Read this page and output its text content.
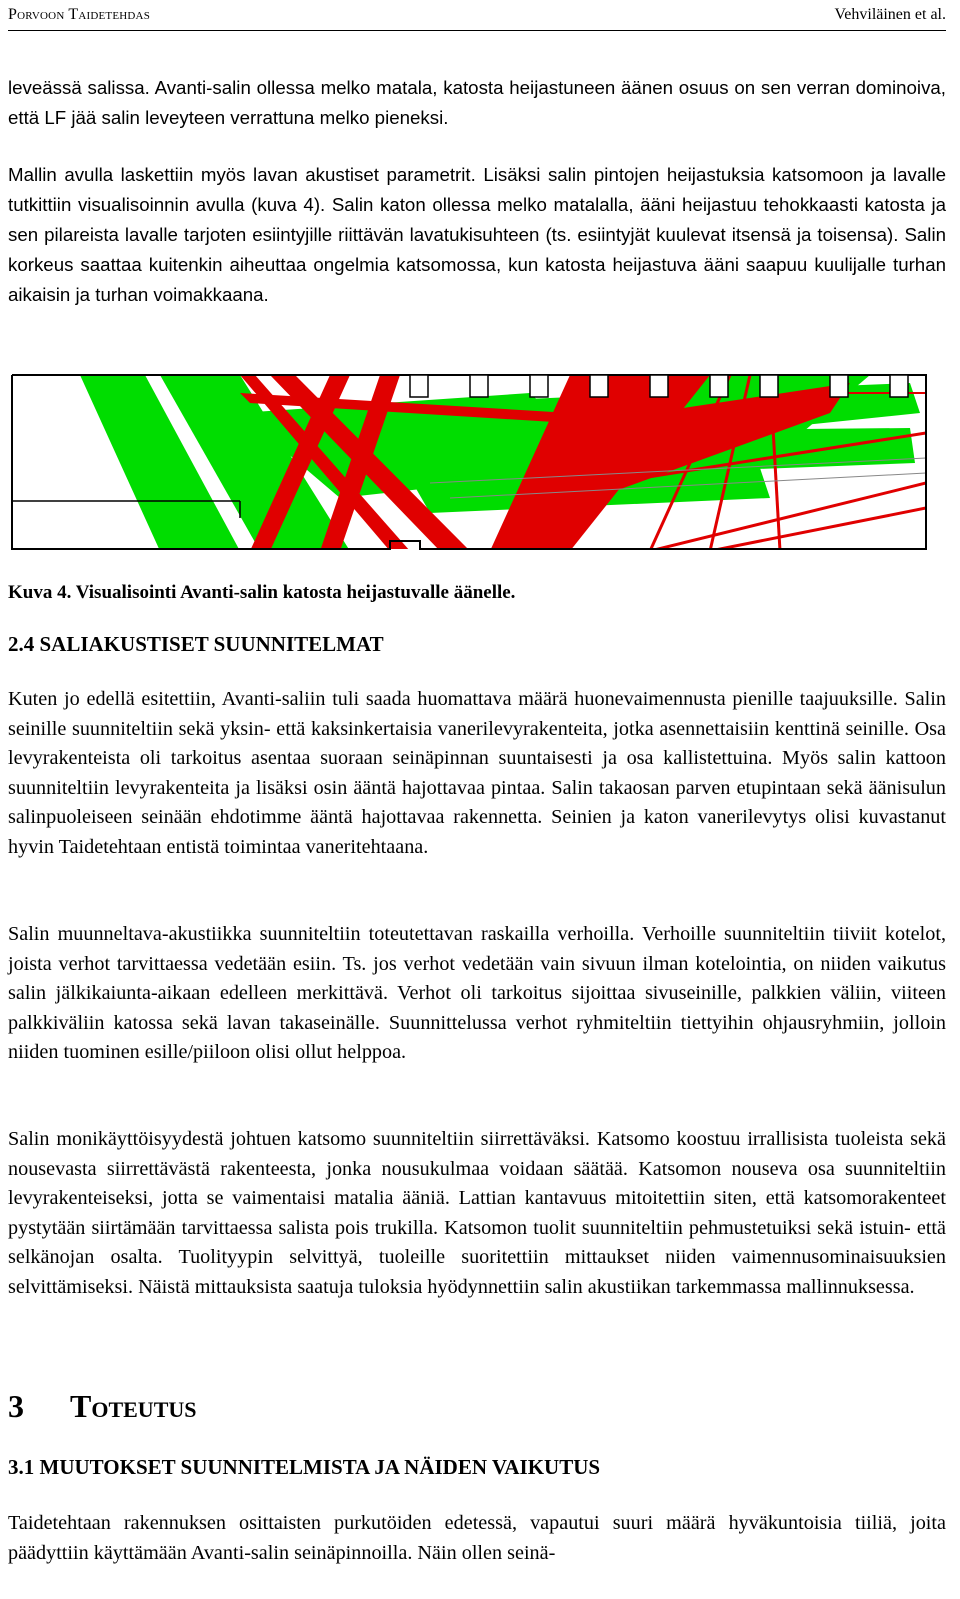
Porvoon Taidetehdas	Vehviläinen et al.

leveässä salissa. Avanti-salin ollessa melko matala, katosta heijastuneen äänen osuus on sen verran dominoiva, että LF jää salin leveyteen verrattuna melko pieneksi.

Mallin avulla laskettiin myös lavan akustiset parametrit. Lisäksi salin pintojen heijastuksia katsomoon ja lavalle tutkittiin visualisoinnin avulla (kuva 4). Salin katon ollessa melko matalalla, ääni heijastuu tehokkaasti katosta ja sen pilareista lavalle tarjoten esiintyjille riittävän lavatukisuhteen (ts. esiintyjät kuulevat itsensä ja toisensa). Salin korkeus saattaa kuitenkin aiheuttaa ongelmia katsomossa, kun katosta heijastuva ääni saapuu kuulijalle turhan aikaisin ja turhan voimakkaana.

Kuva 4. Visualisointi Avanti-salin katosta heijastuvalle äänelle.

2.4 SALIAKUSTISET SUUNNITELMAT

Kuten jo edellä esitettiin, Avanti-saliin tuli saada huomattava määrä huonevaimennusta pienille taajuuksille. Salin seinille suunniteltiin sekä yksin- että kaksinkertaisia vanerilevyrakenteita, jotka asennettaisiin kenttinä seinille. Osa levyrakenteista oli tarkoitus asentaa suoraan seinäpinnan suuntaisesti ja osa kallistettuina. Myös salin kattoon suunniteltiin levyrakenteita ja lisäksi osin ääntä hajottavaa pintaa. Salin takaosan parven etupintaan sekä äänisulun salinpuoleiseen seinään ehdotimme ääntä hajottavaa rakennetta. Seinien ja katon vanerilevytys olisi kuvastanut hyvin Taidetehtaan entistä toimintaa vaneritehtaana.

Salin muunneltava-akustiikka suunniteltiin toteutettavan raskailla verhoilla. Verhoille suunniteltiin tiiviit kotelot, joista verhot tarvittaessa vedetään esiin. Ts. jos verhot vedetään vain sivuun ilman kotelointia, on niiden vaikutus salin jälkikaiunta-aikaan edelleen merkittävä. Verhot oli tarkoitus sijoittaa sivuseinille, palkkien väliin, viiteen palkkiväliin katossa sekä lavan takaseinälle. Suunnittelussa verhot ryhmiteltiin tiettyihin ohjausryhmiin, jolloin niiden tuominen esille/piiloon olisi ollut helppoa.

Salin monikäyttöisyydestä johtuen katsomo suunniteltiin siirrettäväksi. Katsomo koostuu irrallisista tuoleista sekä nousevasta siirrettävästä rakenteesta, jonka nousukulmaa voidaan säätää. Katsomon nouseva osa suunniteltiin levyrakenteiseksi, jotta se vaimentaisi matalia ääniä. Lattian kantavuus mitoitettiin siten, että katsomorakenteet pystytään siirtämään tarvittaessa salista pois trukilla. Katsomon tuolit suunniteltiin pehmustetuiksi sekä istuin- että selkänojan osalta. Tuolityypin selvittyä, tuoleille suoritettiin mittaukset niiden vaimennusominaisuuksien selvittämiseksi. Näistä mittauksista saatuja tuloksia hyödynnettiin salin akustiikan tarkemmassa mallinnuksessa.

3 Toteutus

3.1 MUUTOKSET SUUNNITELMISTA JA NÄIDEN VAIKUTUS

Taidetehtaan rakennuksen osittaisten purkutöiden edetessä, vapautui suuri määrä hyväkuntoisia tiiliä, joita päädyttiin käyttämään Avanti-salin seinäpinnoilla. Näin ollen seinä-
